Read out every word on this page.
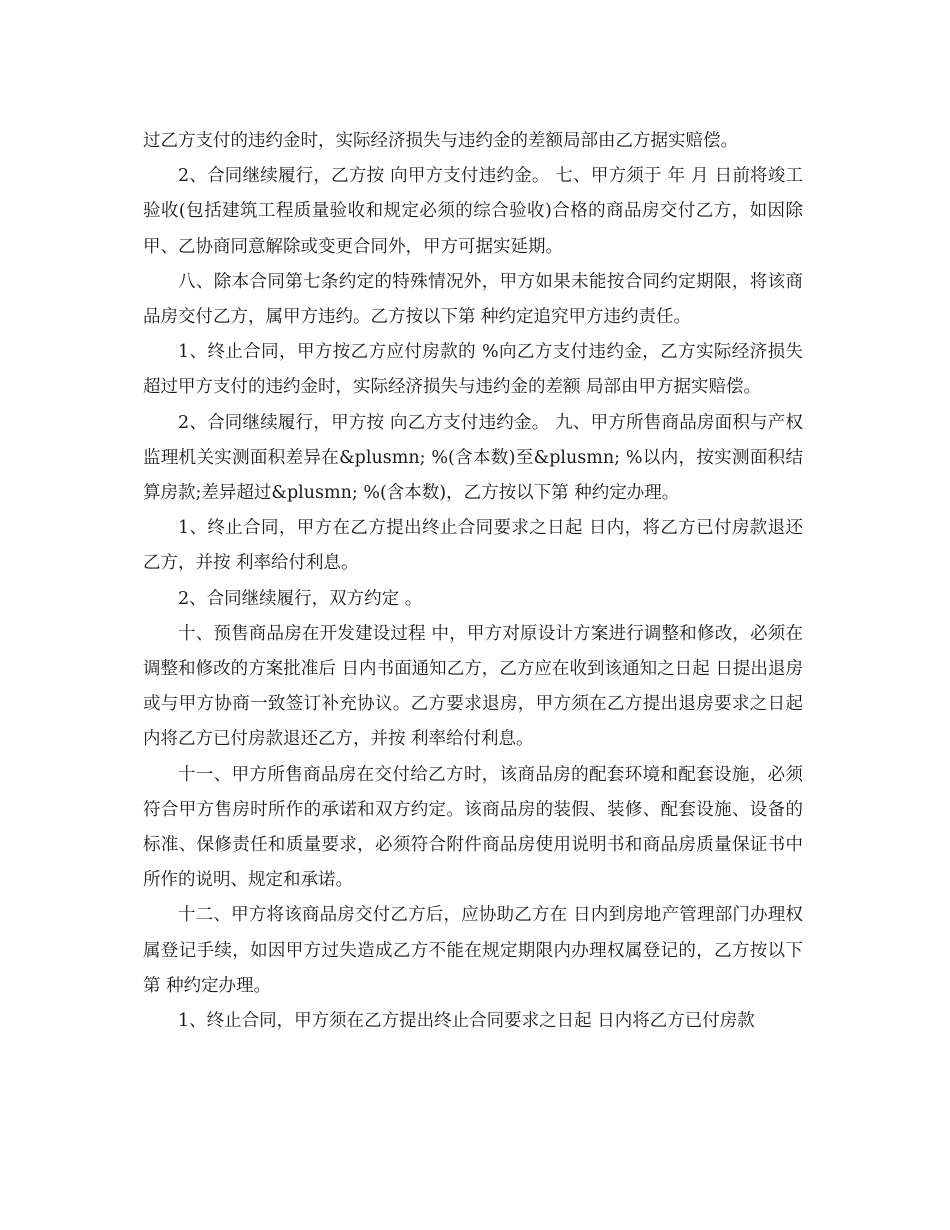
过乙方支付的违约金时，实际经济损失与违约金的差额局部由乙方据实赔偿。

2、合同继续履行，乙方按 向甲方支付违约金。 七、甲方须于 年 月 日前将竣工验收(包括建筑工程质量验收和规定必须的综合验收)合格的商品房交付乙方，如因除甲、乙协商同意解除或变更合同外，甲方可据实延期。

八、除本合同第七条约定的特殊情况外，甲方如果未能按合同约定期限，将该商品房交付乙方，属甲方违约。乙方按以下第 种约定追究甲方违约责任。

1、终止合同，甲方按乙方应付房款的 %向乙方支付违约金，乙方实际经济损失超过甲方支付的违约金时，实际经济损失与违约金的差额 局部由甲方据实赔偿。

2、合同继续履行，甲方按 向乙方支付违约金。 九、甲方所售商品房面积与产权监理机关实测面积差异在&plusmn; %(含本数)至&plusmn; %以内，按实测面积结算房款;差异超过&plusmn; %(含本数)，乙方按以下第 种约定办理。

1、终止合同，甲方在乙方提出终止合同要求之日起 日内，将乙方已付房款退还乙方，并按 利率给付利息。

2、合同继续履行，双方约定 。

十、预售商品房在开发建设过程 中，甲方对原设计方案进行调整和修改，必须在调整和修改的方案批准后 日内书面通知乙方，乙方应在收到该通知之日起 日提出退房或与甲方协商一致签订补充协议。乙方要求退房，甲方须在乙方提出退房要求之日起内将乙方已付房款退还乙方，并按 利率给付利息。

十一、甲方所售商品房在交付给乙方时，该商品房的配套环境和配套设施，必须符合甲方售房时所作的承诺和双方约定。该商品房的装假、装修、配套设施、设备的标准、保修责任和质量要求，必须符合附件商品房使用说明书和商品房质量保证书中所作的说明、规定和承诺。

十二、甲方将该商品房交付乙方后，应协助乙方在 日内到房地产管理部门办理权属登记手续，如因甲方过失造成乙方不能在规定期限内办理权属登记的，乙方按以下第 种约定办理。

1、终止合同，甲方须在乙方提出终止合同要求之日起 日内将乙方已付房款
